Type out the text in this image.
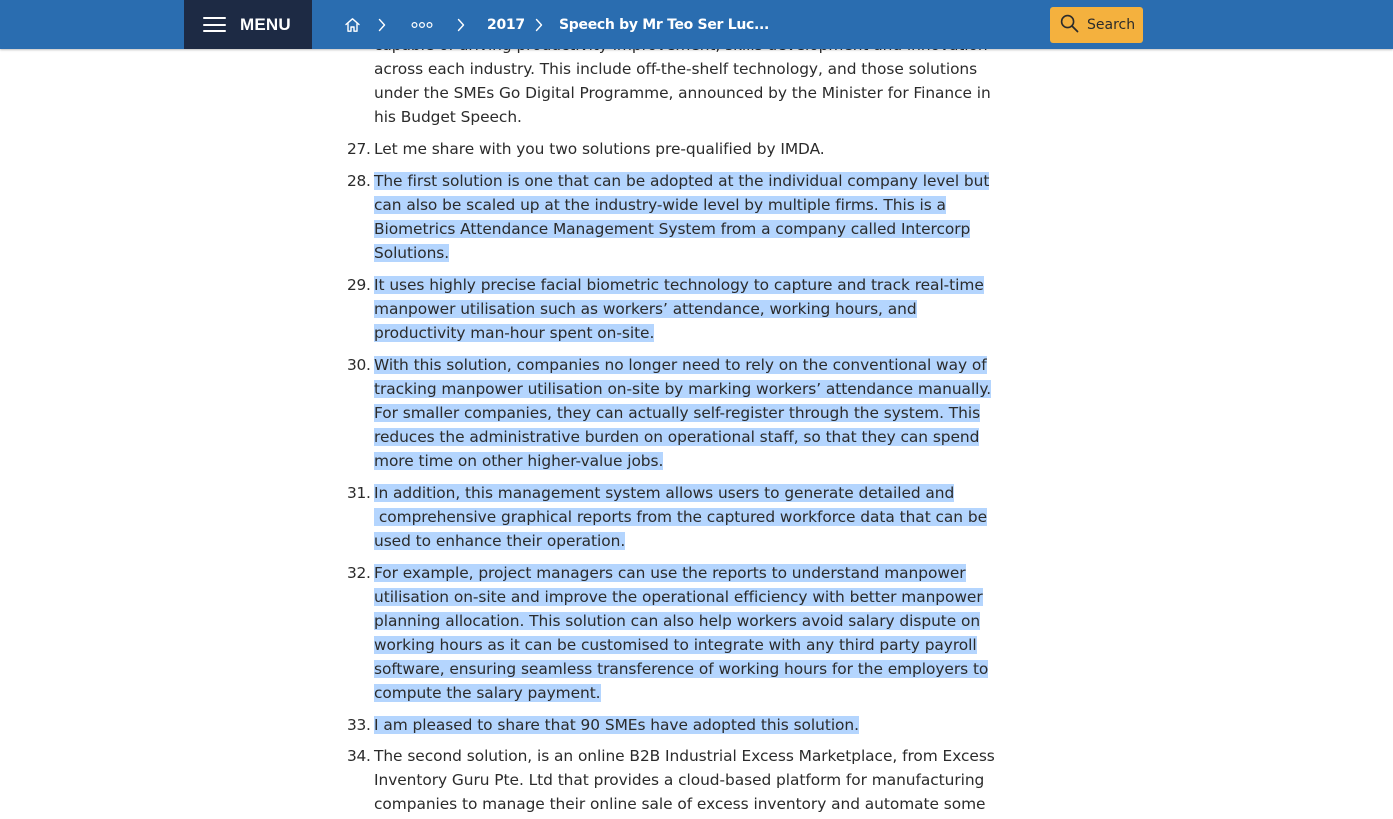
across each industry. This include off-the-shelf technology, and those solutions
under the SMEs Go Digital Programme, announced by the Minister for Finance in
his Budget Speech.
27. Let me share with you two solutions pre-qualified by IMDA.
28. The first solution is one that can be adopted at the individual company level but
can also be scaled up at the industry-wide level by multiple firms. This is a
Biometrics Attendance Management System from a company called Intercorp
Solutions.
29. It uses highly precise facial biometric technology to capture and track real-time
manpower utilisation such as workers’ attendance, working hours, and
productivity man-hour spent on-site.
30. With this solution, companies no longer need to rely on the conventional way of
tracking manpower utilisation on-site by marking workers’ attendance manually.
For smaller companies, they can actually self-register through the system. This
reduces the administrative burden on operational staff, so that they can spend
more time on other higher-value jobs.
31. In addition, this management system allows users to generate detailed and
comprehensive graphical reports from the captured workforce data that can be
used to enhance their operation.
32. For example, project managers can use the reports to understand manpower
utilisation on-site and improve the operational efficiency with better manpower
planning allocation. This solution can also help workers avoid salary dispute on
working hours as it can be customised to integrate with any third party payroll
software, ensuring seamless transference of working hours for the employers to
compute the salary payment.
33. I am pleased to share that 90 SMEs have adopted this solution.
34. The second solution, is an online B2B Industrial Excess Marketplace, from Excess
Inventory Guru Pte. Ltd that provides a cloud-based platform for manufacturing
companies to manage their online sale of excess inventory and automate some
MENU	2017 Speech by Mr Teo Ser Luc...	Search
